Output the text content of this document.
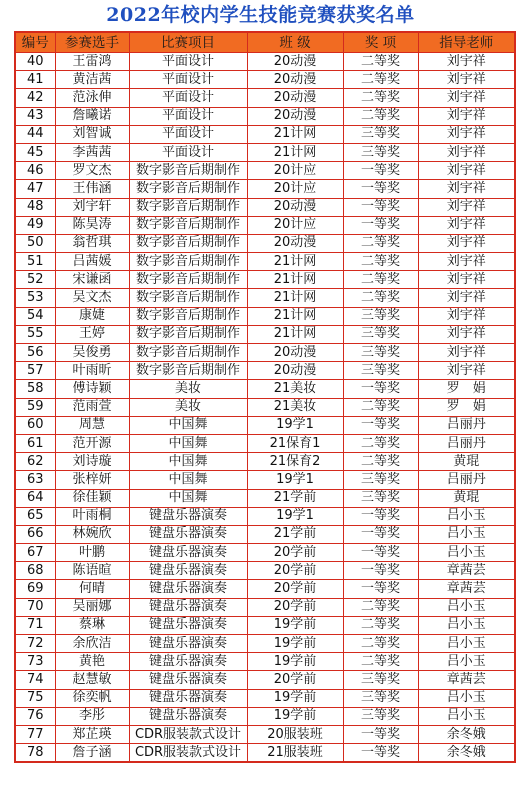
2022年校内学生技能竞赛获奖名单
编号	参赛选手	比赛项目	班 级	奖 项	指导老师
40	王雷鸿	平面设计	20动漫	二等奖	刘宇祥
41	黄洁茜	平面设计	20动漫	二等奖	刘宇祥
42	范泳伸	平面设计	20动漫	二等奖	刘宇祥
43	詹曦诺	平面设计	20动漫	二等奖	刘宇祥
44	刘智诚	平面设计	21计网	三等奖	刘宇祥
45	李茜茜	平面设计	21计网	三等奖	刘宇祥
46	罗文杰	数字影音后期制作	20计应	一等奖	刘宇祥
47	王伟涵	数字影音后期制作	20计应	一等奖	刘宇祥
48	刘宇轩	数字影音后期制作	20动漫	一等奖	刘宇祥
49	陈昊涛	数字影音后期制作	20计应	一等奖	刘宇祥
50	翁哲琪	数字影音后期制作	20动漫	二等奖	刘宇祥
51	吕茜媛	数字影音后期制作	21计网	二等奖	刘宇祥
52	宋谦函	数字影音后期制作	21计网	二等奖	刘宇祥
53	吴文杰	数字影音后期制作	21计网	二等奖	刘宇祥
54	康婕	数字影音后期制作	21计网	三等奖	刘宇祥
55	王婷	数字影音后期制作	21计网	三等奖	刘宇祥
56	吴俊勇	数字影音后期制作	20动漫	三等奖	刘宇祥
57	叶雨昕	数字影音后期制作	20动漫	三等奖	刘宇祥
58	傅诗颖	美妆	21美妆	一等奖	罗　娟
59	范雨萱	美妆	21美妆	二等奖	罗　娟
60	周慧	中国舞	19学1	一等奖	吕丽丹
61	范开源	中国舞	21保育1	二等奖	吕丽丹
62	刘诗璇	中国舞	21保育2	二等奖	黄琨
63	张梓妍	中国舞	19学1	三等奖	吕丽丹
64	徐佳颖	中国舞	21学前	三等奖	黄琨
65	叶雨桐	键盘乐器演奏	19学1	一等奖	吕小玉
66	林婉欣	键盘乐器演奏	21学前	一等奖	吕小玉
67	叶鹏	键盘乐器演奏	20学前	一等奖	吕小玉
68	陈语暄	键盘乐器演奏	20学前	一等奖	章茜芸
69	何晴	键盘乐器演奏	20学前	一等奖	章茜芸
70	吴丽娜	键盘乐器演奏	20学前	二等奖	吕小玉
71	蔡琳	键盘乐器演奏	19学前	二等奖	吕小玉
72	余欣洁	键盘乐器演奏	19学前	二等奖	吕小玉
73	黄艳	键盘乐器演奏	19学前	二等奖	吕小玉
74	赵慧敏	键盘乐器演奏	20学前	三等奖	章茜芸
75	徐奕帆	键盘乐器演奏	19学前	三等奖	吕小玉
76	李彤	键盘乐器演奏	19学前	三等奖	吕小玉
77	郑芷瑛	CDR服装款式设计	20服装班	一等奖	余冬娥
78	詹子涵	CDR服装款式设计	21服装班	一等奖	余冬娥
